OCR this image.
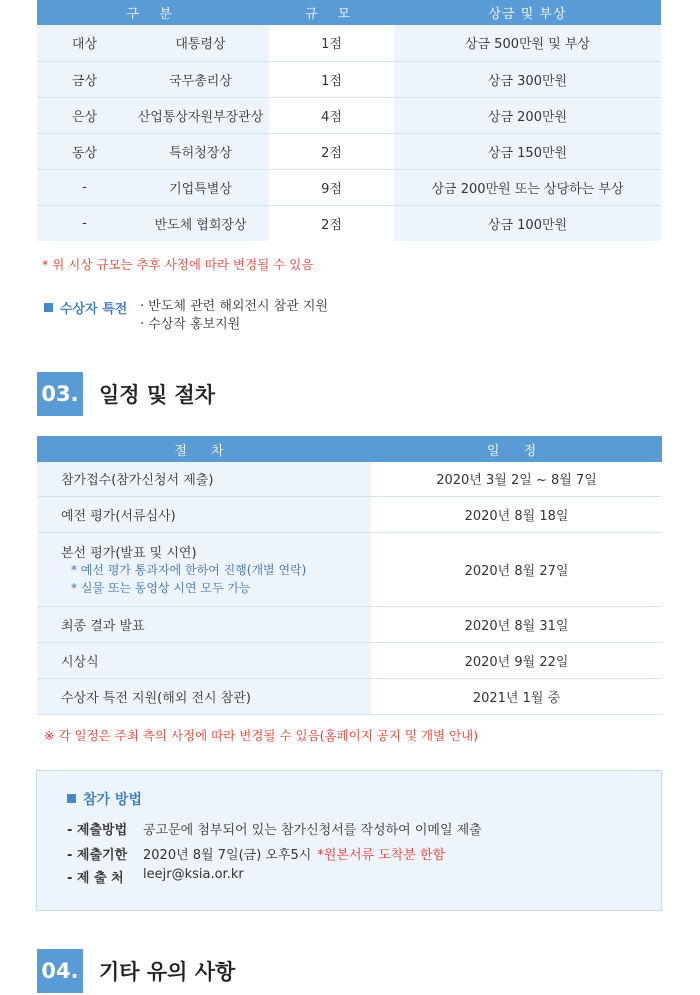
구 분		규 모	상금 및 부상
대상	대통령상	1점	상금 500만원 및 부상
금상	국무총리상	1점	상금 300만원
은상	산업통상자원부장관상	4점	상금 200만원
동상	특허청장상	2점	상금 150만원
-	기업특별상	9점	상금 200만원 또는 상당하는 부상
-	반도체 협회장상	2점	상금 100만원
* 위 시상 규모는 추후 사정에 따라 변경될 수 있음
수상자 특전 · 반도체 관련 해외전시 참관 지원
· 수상작 홍보지원
03. 일정 및 절차
절 차	일 정
참가접수(참가신청서 제출)	2020년 3월 2일 ~ 8월 7일
예전 평가(서류심사)	2020년 8월 18일

본선 평가(발표 및 시연)
* 예선 평가 통과자에 한하여 진행(개별 연락)
* 실물 또는 동영상 시연 모두 가능	2020년 8월 27일
최종 결과 발표	2020년 8월 31일
시상식	2020년 9월 22일
수상자 특전 지원(해외 전시 참관)	2021년 1월 중
※ 각 일정은 주최 측의 사정에 따라 변경될 수 있음(홈페이지 공지 및 개별 안내)
참가 방법
- 제출방법	공고문에 첨부되어 있는 참가신청서를 작성하여 이메일 제출
- 제출기한	2020년 8월 7일(금) 오후5시 *원본서류 도착분 한함
- 제 출 처	leejr@ksia.or.kr
04. 기타 유의 사항
